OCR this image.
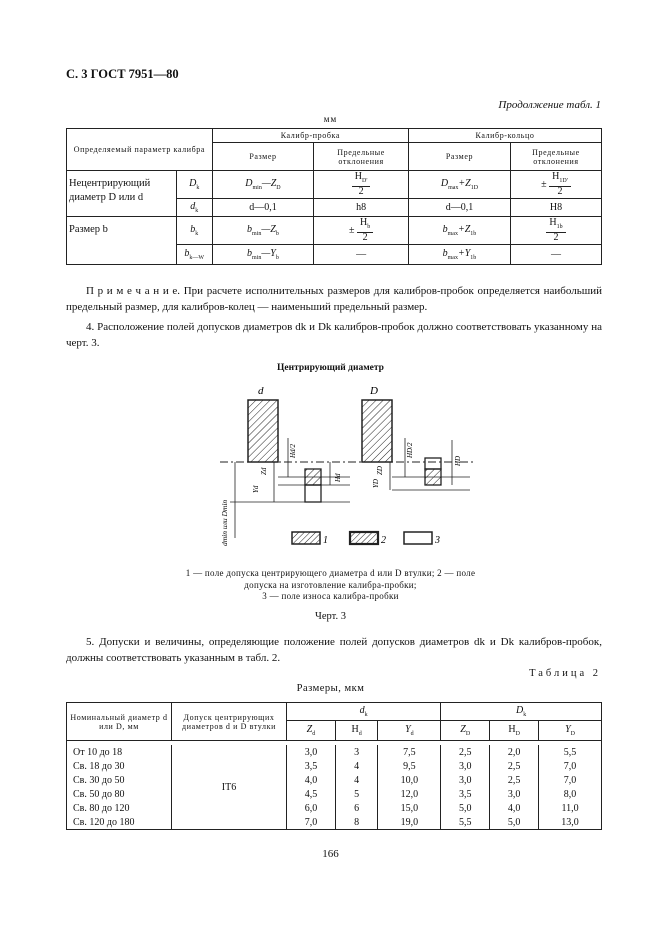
С. 3 ГОСТ 7951—80
Продолжение табл. 1
мм
Определяемый параметр калибра		Калибр-пробка		Калибр-кольцо	
		Размер	Предельные отклонения	Размер	Предельные отклонения
Нецентрирующий диаметр D или d	$D_k$	$D_{min}—Z_D$	$\frac{H_{D'}}{2}$	$D_{max}+Z_{1D}$	± $\frac{H_{1D'}}{2}$

	$d_k$	d—0,1	h8	d—0,1	H8
Размер b	$b_k$	$b_{min}—Z_b$	± $\frac{H_b}{2}$	$b_{max}+Z_{1b}$	$\frac{H_{1b}}{2}$

	$b_{k—W}$	$b_{min}—Y_b$	—	$b_{max}+Y_{1b}$	—
П р и м е ч а н и е. При расчете исполнительных размеров для калибров-пробок определяется наибольший предельный размер, для калибров-колец — наименьший предельный размер.
4. Расположение полей допусков диаметров dk и Dk калибров-пробок должно соответствовать указанному на черт. 3.
Центрирующий диаметр
d	D
Hd/2
Zd
Hd
Yd
HD/2
ZD
HD
YD
dmin или Dmin	1	2	3
1 — поле допуска центрирующего диаметра d или D втулки; 2 — поле допуска на изготовление калибра-пробки;
3 — поле износа калибра-пробки
Черт. 3
5. Допуски и величины, определяющие положение полей допусков диаметров dk и Dk калибров-пробок, должны соответствовать указанным в табл. 2.
Таблица 2
Размеры, мкм
Номинальный диаметр d или D, мм	Допуск центрирующих диаметров d и D втулки	$d_k$			$D_k$
		$Z_d$	$H_d$	$Y_d$	$Z_D$	$H_D$	$Y_D$

От 10 до 18	IT6	3,0	3	7,5	2,5	2,0	5,5
Св. 18 до 30		3,5	4	9,5	3,0	2,5	7,0
Св. 30 до 50		4,0	4	10,0	3,0	2,5	7,0
Св. 50 до 80		4,5	5	12,0	3,5	3,0	8,0
Св. 80 до 120		6,0	6	15,0	5,0	4,0	11,0
Св. 120 до 180		7,0	8	19,0	5,5	5,0	13,0
166
